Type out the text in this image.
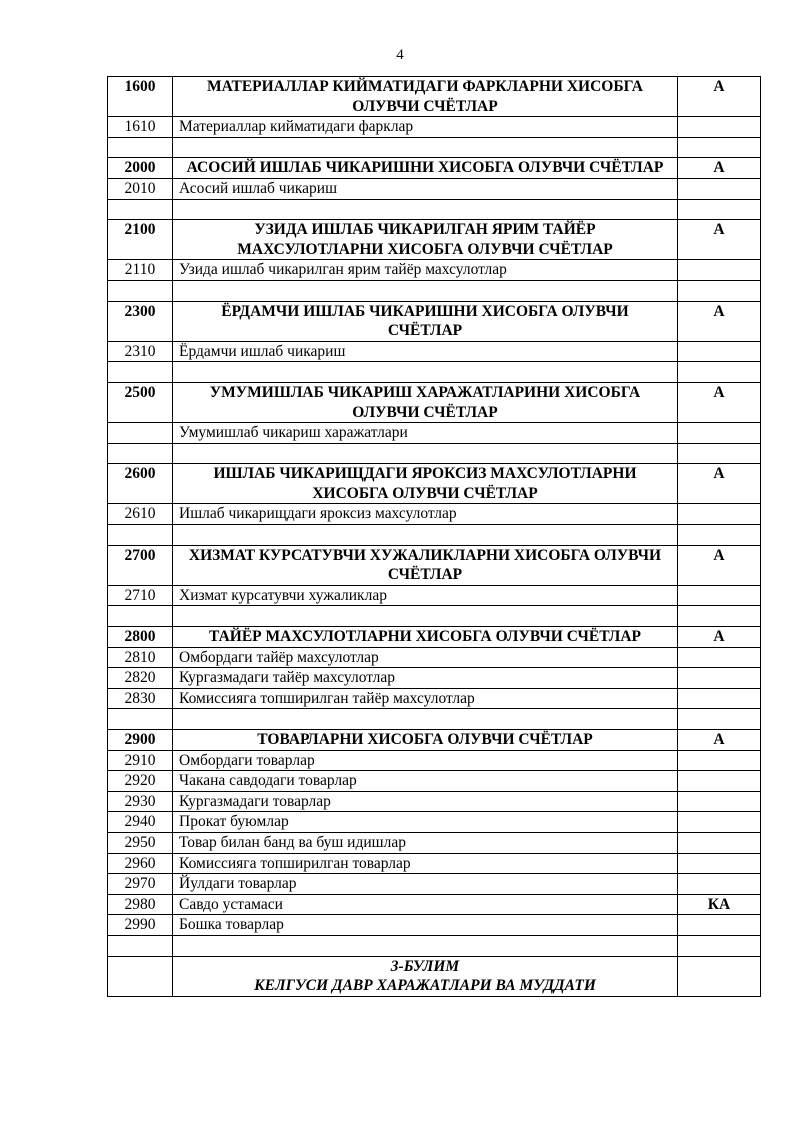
4
1600	МАТЕРИАЛЛАР КИЙМАТИДАГИ ФАРКЛАРНИ ХИСОБГА ОЛУВЧИ СЧЁТЛАР	А
1610	Материаллар кийматидаги фарклар	

2000	АСОСИЙ ИШЛАБ ЧИКАРИШНИ ХИСОБГА ОЛУВЧИ СЧЁТЛАР	А
2010	Асосий ишлаб чикариш	

2100	УЗИДА ИШЛАБ ЧИКАРИЛГАН ЯРИМ ТАЙЁР МАХСУЛОТЛАРНИ ХИСОБГА ОЛУВЧИ СЧЁТЛАР	А
2110	Узида ишлаб чикарилган ярим тайёр махсулотлар	

2300	ЁРДАМЧИ ИШЛАБ ЧИКАРИШНИ ХИСОБГА ОЛУВЧИ СЧЁТЛАР	А
2310	Ёрдамчи ишлаб чикариш	

2500	УМУМИШЛАБ ЧИКАРИШ ХАРАЖАТЛАРИНИ ХИСОБГА ОЛУВЧИ СЧЁТЛАР	А
	Умумишлаб чикариш харажатлари	

2600	ИШЛАБ ЧИКАРИЩДАГИ ЯРОКСИЗ МАХСУЛОТЛАРНИ ХИСОБГА ОЛУВЧИ СЧЁТЛАР	А
2610	Ишлаб чикарищдаги яроксиз махсулотлар	

2700	ХИЗМАТ КУРСАТУВЧИ ХУЖАЛИКЛАРНИ ХИСОБГА ОЛУВЧИ СЧЁТЛАР	А
2710	Хизмат курсатувчи хужаликлар	

2800	ТАЙЁР МАХСУЛОТЛАРНИ ХИСОБГА ОЛУВЧИ СЧЁТЛАР	А
2810	Омбордаги тайёр махсулотлар	
2820	Кургазмадаги тайёр махсулотлар	
2830	Комиссияга топширилган тайёр махсулотлар	

2900	ТОВАРЛАРНИ ХИСОБГА ОЛУВЧИ СЧЁТЛАР	А
2910	Омбордаги товарлар	
2920	Чакана савдодаги товарлар	
2930	Кургазмадаги товарлар	
2940	Прокат буюмлар	
2950	Товар билан банд ва буш идишлар	
2960	Комиссияга топширилган товарлар	
2970	Йулдаги товарлар	
2980	Савдо устамаси	КА
2990	Бошка товарлар	

	3-БУЛИМ
КЕЛГУСИ ДАВР ХАРАЖАТЛАРИ ВА МУДДАТИ	
